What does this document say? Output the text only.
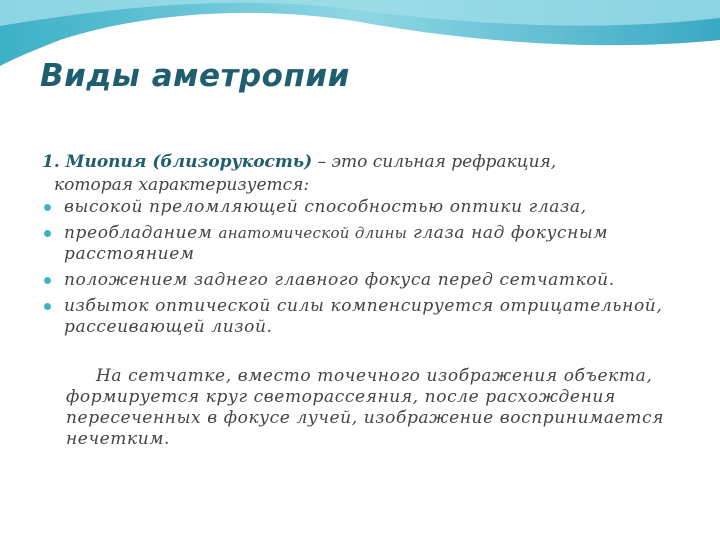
Виды аметропии

1. Миопия (близорукость) – это сильная рефракция,

которая характеризуется:

высокой преломляющей способностью оптики глаза,
преобладанием анатомической длины глаза над фокусным расстоянием
положением заднего главного фокуса перед сетчаткой.
избыток оптической силы компенсируется отрицательной, рассеивающей лизой.

На сетчатке, вместо точечного изображения объекта, формируется круг светорассеяния, после расхождения пересеченных в фокусе лучей, изображение воспринимается нечетким.
